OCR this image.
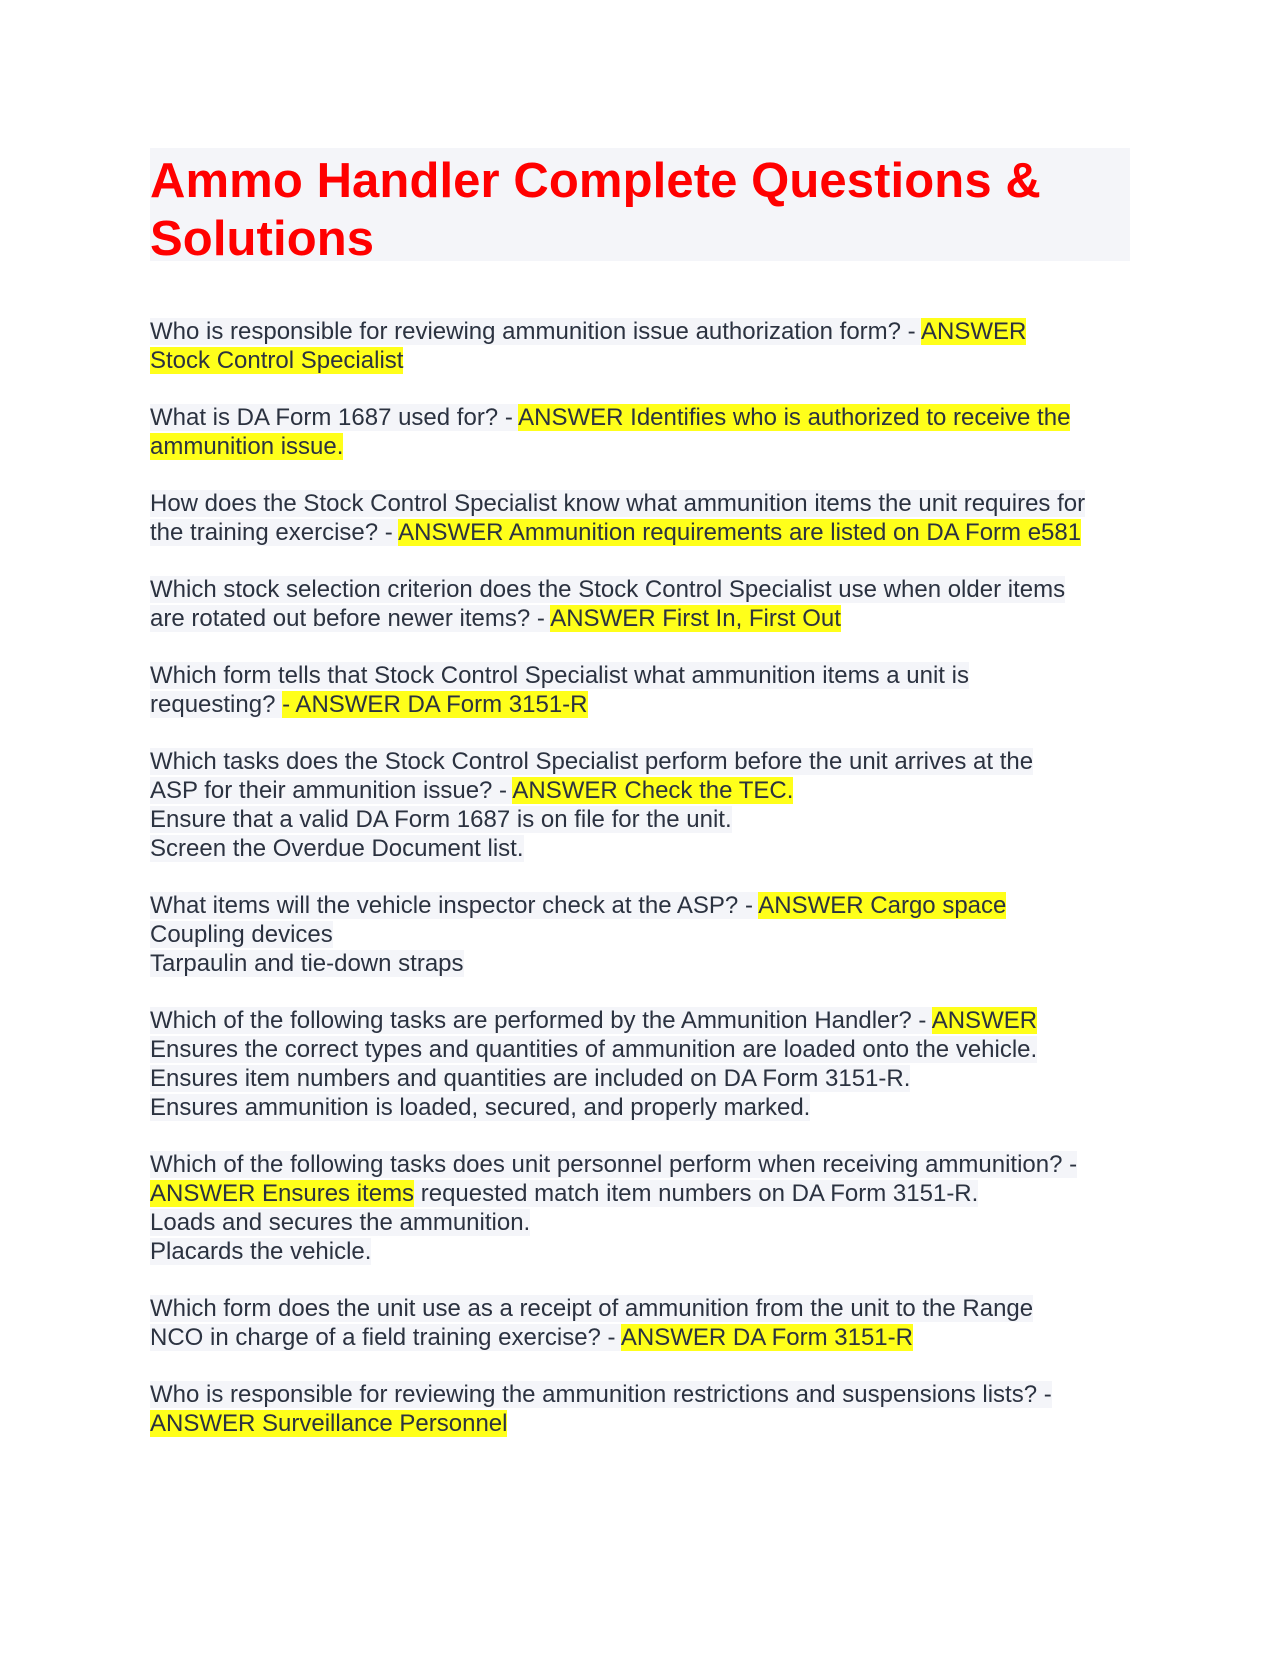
Ammo Handler Complete Questions &
Solutions

Who is responsible for reviewing ammunition issue authorization form? - ANSWER
Stock Control Specialist

What is DA Form 1687 used for? - ANSWER Identifies who is authorized to receive the
ammunition issue.

How does the Stock Control Specialist know what ammunition items the unit requires for
the training exercise? - ANSWER Ammunition requirements are listed on DA Form e581

Which stock selection criterion does the Stock Control Specialist use when older items
are rotated out before newer items? - ANSWER First In, First Out

Which form tells that Stock Control Specialist what ammunition items a unit is
requesting? - ANSWER DA Form 3151-R

Which tasks does the Stock Control Specialist perform before the unit arrives at the
ASP for their ammunition issue? - ANSWER Check the TEC.
Ensure that a valid DA Form 1687 is on file for the unit.
Screen the Overdue Document list.

What items will the vehicle inspector check at the ASP? - ANSWER Cargo space
Coupling devices
Tarpaulin and tie-down straps

Which of the following tasks are performed by the Ammunition Handler? - ANSWER
Ensures the correct types and quantities of ammunition are loaded onto the vehicle.
Ensures item numbers and quantities are included on DA Form 3151-R.
Ensures ammunition is loaded, secured, and properly marked.

Which of the following tasks does unit personnel perform when receiving ammunition? -
ANSWER Ensures items requested match item numbers on DA Form 3151-R.
Loads and secures the ammunition.
Placards the vehicle.

Which form does the unit use as a receipt of ammunition from the unit to the Range
NCO in charge of a field training exercise? - ANSWER DA Form 3151-R

Who is responsible for reviewing the ammunition restrictions and suspensions lists? -
ANSWER Surveillance Personnel
